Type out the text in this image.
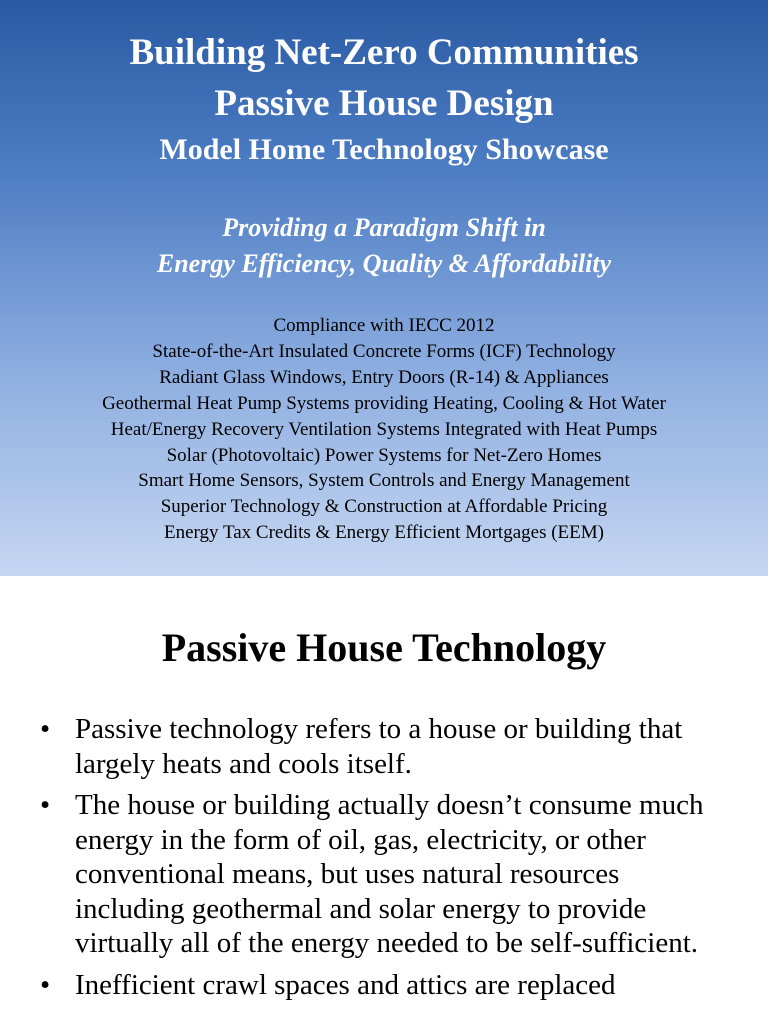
Building Net-Zero Communities
Passive House Design
Model Home Technology Showcase
Providing a Paradigm Shift in
Energy Efficiency, Quality & Affordability
Compliance with IECC 2012
State-of-the-Art Insulated Concrete Forms (ICF) Technology
Radiant Glass Windows, Entry Doors (R-14) & Appliances
Geothermal Heat Pump Systems providing Heating, Cooling & Hot Water
Heat/Energy Recovery Ventilation Systems Integrated with Heat Pumps
Solar (Photovoltaic) Power Systems for Net-Zero Homes
Smart Home Sensors, System Controls and Energy Management
Superior Technology & Construction at Affordable Pricing
Energy Tax Credits & Energy Efficient Mortgages (EEM)
Passive House Technology
• Passive technology refers to a house or building that largely heats and cools itself.
• The house or building actually doesn’t consume much energy in the form of oil, gas, electricity, or other conventional means, but uses natural resources including geothermal and solar energy to provide virtually all of the energy needed to be self-sufficient.
• Inefficient crawl spaces and attics are replaced
